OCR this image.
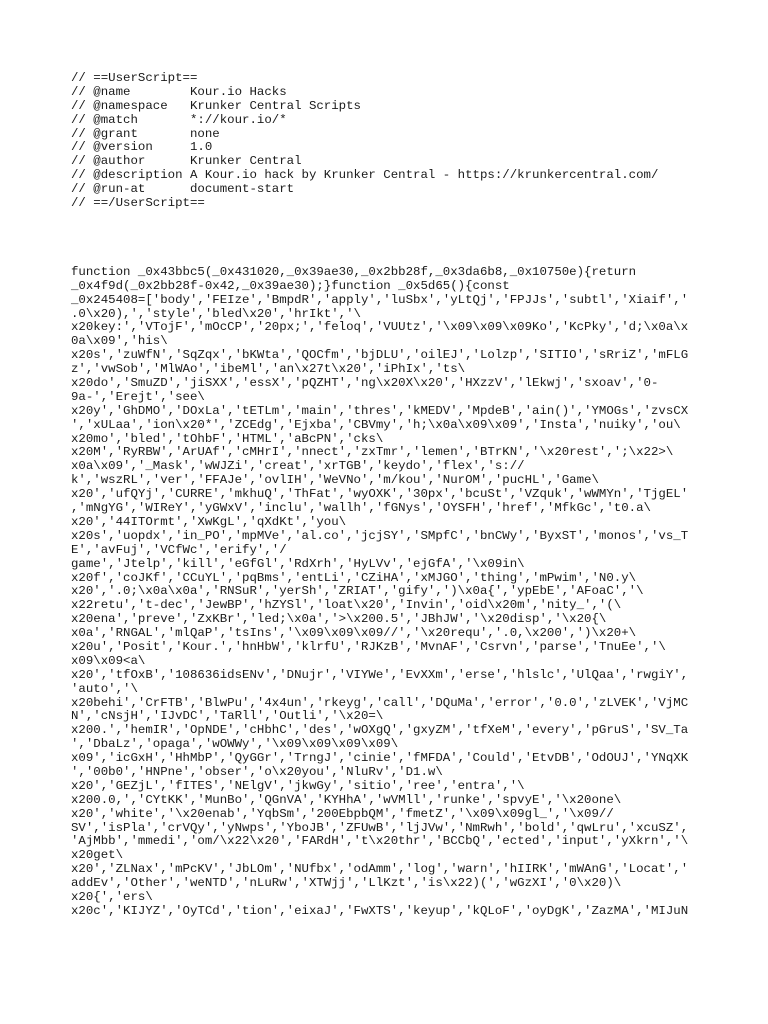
// ==UserScript==
// @name        Kour.io Hacks
// @namespace   Krunker Central Scripts
// @match       *://kour.io/*
// @grant       none
// @version     1.0
// @author      Krunker Central
// @description A Kour.io hack by Krunker Central - https://krunkercentral.com/
// @run-at      document-start
// ==/UserScript==
function _0x43bbc5(_0x431020,_0x39ae30,_0x2bb28f,_0x3da6b8,_0x10750e){return
_0x4f9d(_0x2bb28f-0x42,_0x39ae30);}function _0x5d65(){const
_0x245408=['body','FEIze','BmpdR','apply','luSbx','yLtQj','FPJJs','subtl','Xiaif','
.0\x20),','style','bled\x20','hrIkt','\
x20key:','VTojF','mOcCP','20px;','feloq','VUUtz','\x09\x09\x09Ko','KcPky','d;\x0a\x
0a\x09','his\
x20s','zuWfN','SqZqx','bKWta','QOCfm','bjDLU','oilEJ','Lolzp','SITIO','sRriZ','mFLG
z','vwSob','MlWAo','ibeMl','an\x27t\x20','iPhIx','ts\
x20do','SmuZD','jiSXX','essX','pQZHT','ng\x20X\x20','HXzzV','lEkwj','sxoav','0-
9a-','Erejt','see\
x20y','GhDMO','DOxLa','tETLm','main','thres','kMEDV','MpdeB','ain()','YMOGs','zvsCX
','xULaa','ion\x20*','ZCEdg','Ejxba','CBVmy','h;\x0a\x09\x09','Insta','nuiky','ou\
x20mo','bled','tOhbF','HTML','aBcPN','cks\
x20M','RyRBW','ArUAf','cMHrI','nnect','zxTmr','lemen','BTrKN','\x20rest',';\x22>\
x0a\x09','_Mask','wWJZi','creat','xrTGB','keydo','flex','s://
k','wszRL','ver','FFAJe','ovlIH','WeVNo','m/kou','NurOM','pucHL','Game\
x20','ufQYj','CURRE','mkhuQ','ThFat','wyOXK','30px','bcuSt','VZquk','wWMYn','TjgEL'
,'mNgYG','WIReY','yGWxV','inclu','wallh','fGNys','OYSFH','href','MfkGc','t0.a\
x20','44ITOrmt','XwKgL','qXdKt','you\
x20s','uopdx','in_PO','mpMVe','al.co','jcjSY','SMpfC','bnCWy','ByxST','monos','vs_T
E','avFuj','VCfWc','erify','/
game','Jtelp','kill','eGfGl','RdXrh','HyLVv','ejGfA','\x09in\
x20f','coJKf','CCuYL','pqBms','entLi','CZiHA','xMJGO','thing','mPwim','N0.y\
x20','.0;\x0a\x0a','RNSuR','yerSh','ZRIAT','gify',')\x0a{','ypEbE','AFoaC','\
x22retu','t-dec','JewBP','hZYSl','loat\x20','Invin','oid\x20m','nity_','(\
x20ena','preve','ZxKBr','led;\x0a','>\x200.5','JBhJW','\x20disp','\x20{\
x0a','RNGAL','mlQaP','tsIns','\x09\x09\x09//','\x20requ','.0,\x200',')\x20+\
x20u','Posit','Kour.','hnHbW','klrfU','RJKzB','MvnAF','Csrvn','parse','TnuEe','\
x09\x09<a\
x20','tfOxB','108636idsENv','DNujr','VIYWe','EvXXm','erse','hlslc','UlQaa','rwgiY',
'auto','\
x20behi','CrFTB','BlwPu','4x4un','rkeyg','call','DQuMa','error','0.0','zLVEK','VjMC
N','cNsjH','IJvDC','TaRll','Outli','\x20=\
x200.','hemIR','OpNDE','cHbhC','des','wOXgQ','gxyZM','tfXeM','every','pGruS','SV_Ta
','DbaLz','opaga','wOWWy','\x09\x09\x09\x09\
x09','icGxH','HhMbP','QyGGr','TrngJ','cinie','fMFDA','Could','EtvDB','OdOUJ','YNqXK
','00b0','HNPne','obser','o\x20you','NluRv','D1.w\
x20','GEZjL','fITES','NElgV','jkwGy','sitio','ree','entra','\
x200.0,','CYtKK','MunBo','QGnVA','KYHhA','wVMll','runke','spvyE','\x20one\
x20','white','\x20enab','YqbSm','200EbpbQM','fmetZ','\x09\x09gl_','\x09//
SV','isPla','crVQy','yNwps','YboJB','ZFUwB','ljJVw','NmRwh','bold','qwLru','xcuSZ',
'AjMbb','mmedi','om/\x22\x20','FARdH','t\x20thr','BCCbQ','ected','input','yXkrn','\
x20get\
x20','ZLNax','mPcKV','JbLOm','NUfbx','odAmm','log','warn','hIIRK','mWAnG','Locat','
addEv','Other','weNTD','nLuRw','XTWjj','LlKzt','is\x22)(','wGzXI','0\x20)\
x20{','ers\
x20c','KIJYZ','OyTCd','tion','eixaJ','FwXTS','keyup','kQLoF','oyDgK','ZazMA','MIJuN
